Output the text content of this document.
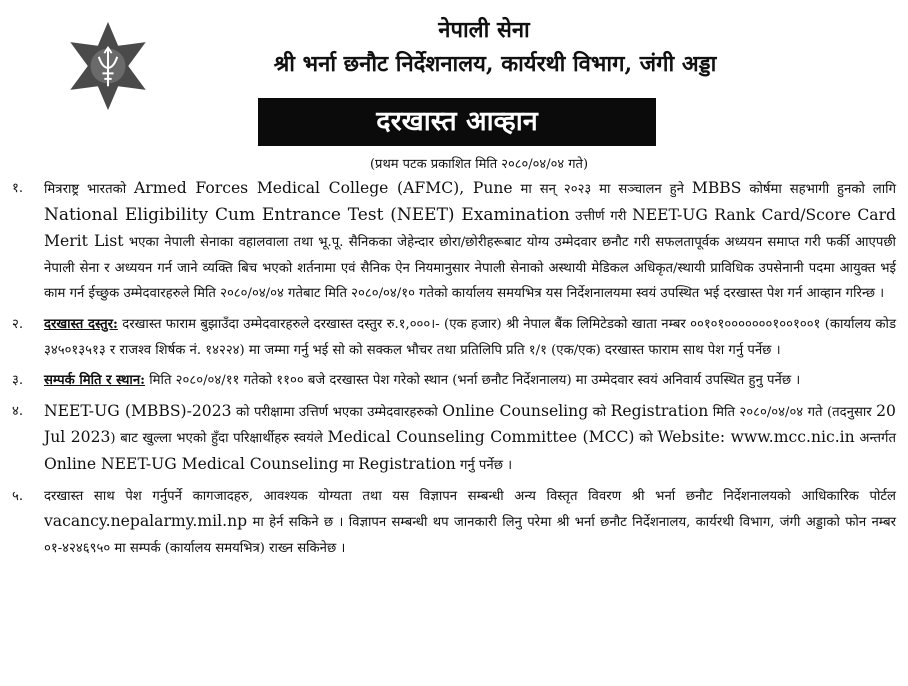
नेपाली सेना
श्री भर्ना छनौट निर्देशनालय, कार्यरथी विभाग, जंगी अड्डा
दरखास्त आव्हान
(प्रथम पटक प्रकाशित मिति २०८०/०४/०४ गते)
१.	मित्रराष्ट्र भारतको Armed Forces Medical College (AFMC), Pune मा सन् २०२३ मा सञ्चालन हुने MBBS कोर्षमा सहभागी हुनको लागि National Eligibility Cum Entrance Test (NEET) Examination उत्तीर्ण गरी NEET-UG Rank Card/Score Card Merit List भएका नेपाली सेनाका वहालवाला तथा भू.पू. सैनिकका जेहेन्दार छोरा/छोरीहरूबाट योग्य उम्मेदवार छनौट गरी सफलतापूर्वक अध्ययन समाप्त गरी फर्की आएपछी नेपाली सेना र अध्ययन गर्न जाने व्यक्ति बिच भएको शर्तनामा एवं सैनिक ऐन नियमानुसार नेपाली सेनाको अस्थायी मेडिकल अधिकृत/स्थायी प्राविधिक उपसेनानी पदमा आयुक्त भई काम गर्न ईच्छुक उम्मेदवारहरुले मिति २०८०/०४/०४ गतेबाट मिति २०८०/०४/१० गतेको कार्यालय समयभित्र यस निर्देशनालयमा स्वयं उपस्थित भई दरखास्त पेश गर्न आव्हान गरिन्छ ।
२.	दरखास्त दस्तुर: दरखास्त फाराम बुझाउँदा उम्मेदवारहरुले दरखास्त दस्तुर रु.१,०००।- (एक हजार) श्री नेपाल बैंक लिमिटेडको खाता नम्बर ००१०१०००००००१००१००१ (कार्यालय कोड ३४५०१३५१३ र राजश्व शिर्षक नं. १४२२४) मा जम्मा गर्नु भई सो को सक्कल भौचर तथा प्रतिलिपि प्रति १/१ (एक/एक) दरखास्त फाराम साथ पेश गर्नु पर्नेछ ।
३.	सम्पर्क मिति र स्थान: मिति २०८०/०४/११ गतेको ११०० बजे दरखास्त पेश गरेको स्थान (भर्ना छनौट निर्देशनालय) मा उम्मेदवार स्वयं अनिवार्य उपस्थित हुनु पर्नेछ ।
४.	NEET-UG (MBBS)-2023 को परीक्षामा उत्तिर्ण भएका उम्मेदवारहरुको Online Counseling को Registration मिति २०८०/०४/०४ गते (तदनुसार 20 Jul 2023) बाट खुल्ला भएको हुँदा परिक्षार्थीहरु स्वयंले Medical Counseling Committee (MCC) को Website: www.mcc.nic.in अन्तर्गत Online NEET-UG Medical Counseling मा Registration गर्नु पर्नेछ ।
५.	दरखास्त साथ पेश गर्नुपर्ने कागजादहरु, आवश्यक योग्यता तथा यस विज्ञापन सम्बन्धी अन्य विस्तृत विवरण श्री भर्ना छनौट निर्देशनालयको आधिकारिक पोर्टल vacancy.nepalarmy.mil.np मा हेर्न सकिने छ । विज्ञापन सम्बन्धी थप जानकारी लिनु परेमा श्री भर्ना छनौट निर्देशनालय, कार्यरथी विभाग, जंगी अड्डाको फोन नम्बर ०१-४२४६९५० मा सम्पर्क (कार्यालय समयभित्र) राख्न सकिनेछ ।
